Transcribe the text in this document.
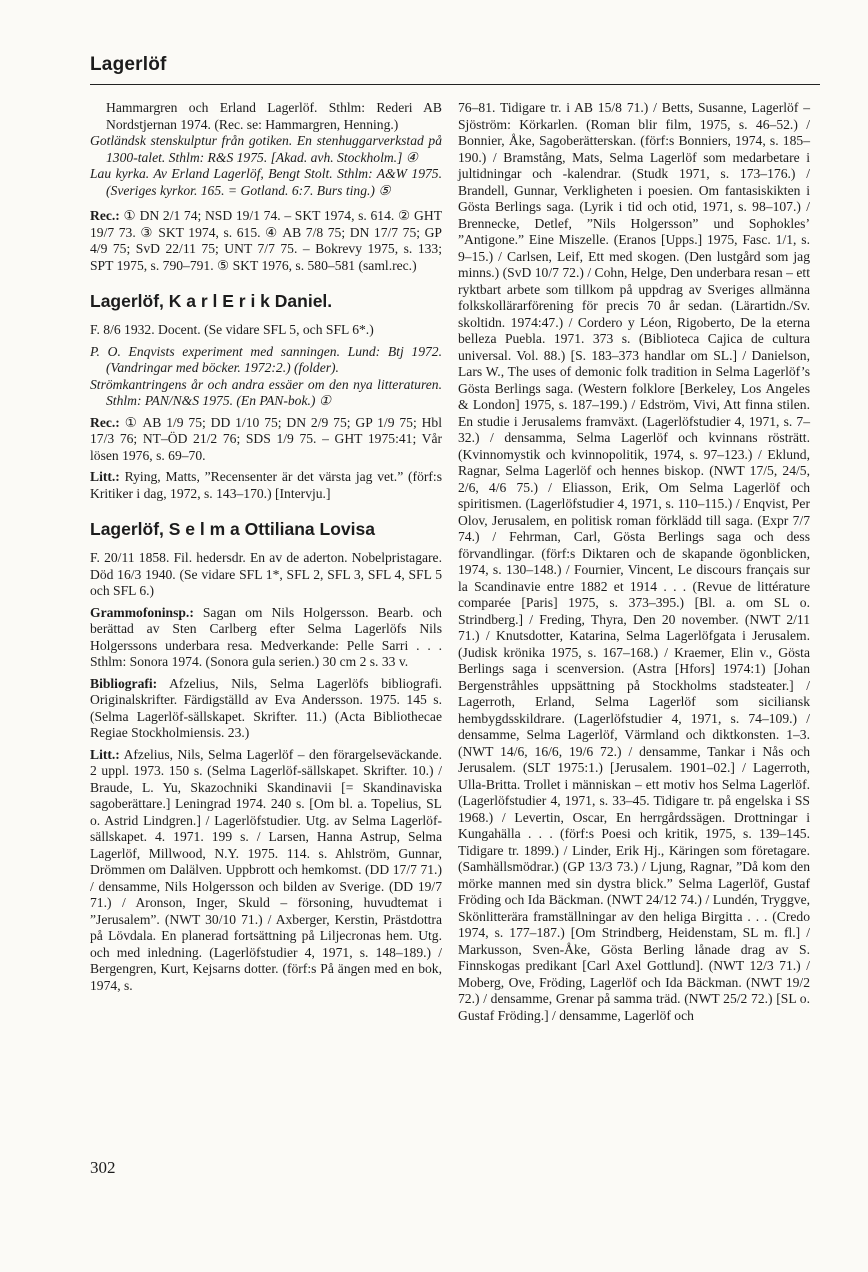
Lagerlöf

Hammargren och Erland Lagerlöf. Sthlm: Rederi AB Nordstjernan 1974. (Rec. se: Hammargren, Henning.)

Gotländsk stenskulptur från gotiken. En stenhuggarverkstad på 1300-talet. Sthlm: R&S 1975. [Akad. avh. Stockholm.] ④

Lau kyrka. Av Erland Lagerlöf, Bengt Stolt. Sthlm: A&W 1975. (Sveriges kyrkor. 165. = Gotland. 6:7. Burs ting.) ⑤

Rec.: ① DN 2/1 74; NSD 19/1 74. – SKT 1974, s. 614. ② GHT 19/7 73. ③ SKT 1974, s. 615. ④ AB 7/8 75; DN 17/7 75; GP 4/9 75; SvD 22/11 75; UNT 7/7 75. – Bokrevy 1975, s. 133; SPT 1975, s. 790–791. ⑤ SKT 1976, s. 580–581 (saml.rec.)

Lagerlöf, K a r l E r i k Daniel.

F. 8/6 1932. Docent. (Se vidare SFL 5, och SFL 6*.)

P. O. Enqvists experiment med sanningen. Lund: Btj 1972. (Vandringar med böcker. 1972:2.) (folder).

Strömkantringens år och andra essäer om den nya litteraturen. Sthlm: PAN/N&S 1975. (En PAN-bok.) ①

Rec.: ① AB 1/9 75; DD 1/10 75; DN 2/9 75; GP 1/9 75; Hbl 17/3 76; NT–ÖD 21/2 76; SDS 1/9 75. – GHT 1975:41; Vår lösen 1976, s. 69–70.

Litt.: Rying, Matts, ”Recensenter är det värsta jag vet.” (förf:s Kritiker i dag, 1972, s. 143–170.) [Intervju.]

Lagerlöf, S e l m a Ottiliana Lovisa

F. 20/11 1858. Fil. hedersdr. En av de aderton. Nobelpristagare. Död 16/3 1940. (Se vidare SFL 1*, SFL 2, SFL 3, SFL 4, SFL 5 och SFL 6.)

Grammofoninsp.: Sagan om Nils Holgersson. Bearb. och berättad av Sten Carlberg efter Selma Lagerlöfs Nils Holgerssons underbara resa. Medverkande: Pelle Sarri . . . Sthlm: Sonora 1974. (Sonora gula serien.) 30 cm 2 s. 33 v.

Bibliografi: Afzelius, Nils, Selma Lagerlöfs bibliografi. Originalskrifter. Färdigställd av Eva Andersson. 1975. 145 s. (Selma Lagerlöf-sällskapet. Skrifter. 11.) (Acta Bibliothecae Regiae Stockholmiensis. 23.)

Litt.: Afzelius, Nils, Selma Lagerlöf – den förargelseväckande. 2 uppl. 1973. 150 s. (Selma Lagerlöf-sällskapet. Skrifter. 10.) / Braude, L. Yu, Skazochniki Skandinavii [= Skandinaviska sagoberättare.] Leningrad 1974. 240 s. [Om bl. a. Topelius, SL o. Astrid Lindgren.] / Lagerlöfstudier. Utg. av Selma Lagerlöf-sällskapet. 4. 1971. 199 s. / Larsen, Hanna Astrup, Selma Lagerlöf, Millwood, N.Y. 1975. 114. s. Ahlström, Gunnar, Drömmen om Dalälven. Uppbrott och hemkomst. (DD 17/7 71.) / densamme, Nils Holgersson och bilden av Sverige. (DD 19/7 71.) / Aronson, Inger, Skuld – försoning, huvudtemat i ”Jerusalem”. (NWT 30/10 71.) / Axberger, Kerstin, Prästdottra på Lövdala. En planerad fortsättning på Liljecronas hem. Utg. och med inledning. (Lagerlöfstudier 4, 1971, s. 148–189.) / Bergengren, Kurt, Kejsarns dotter. (förf:s På ängen med en bok, 1974, s.

76–81. Tidigare tr. i AB 15/8 71.) / Betts, Susanne, Lagerlöf – Sjöström: Körkarlen. (Roman blir film, 1975, s. 46–52.) / Bonnier, Åke, Sagoberätterskan. (förf:s Bonniers, 1974, s. 185–190.) / Bramstång, Mats, Selma Lagerlöf som medarbetare i jultidningar och -kalendrar. (Studk 1971, s. 173–176.) / Brandell, Gunnar, Verkligheten i poesien. Om fantasiskikten i Gösta Berlings saga. (Lyrik i tid och otid, 1971, s. 98–107.) / Brennecke, Detlef, ”Nils Holgersson” und Sophokles’ ”Antigone.” Eine Miszelle. (Eranos [Upps.] 1975, Fasc. 1/1, s. 9–15.) / Carlsen, Leif, Ett med skogen. (Den lustgård som jag minns.) (SvD 10/7 72.) / Cohn, Helge, Den underbara resan – ett ryktbart arbete som tillkom på uppdrag av Sveriges allmänna folkskollärarförening för precis 70 år sedan. (Lärartidn./Sv. skoltidn. 1974:47.) / Cordero y Léon, Rigoberto, De la eterna belleza Puebla. 1971. 373 s. (Biblioteca Cajica de cultura universal. Vol. 88.) [S. 183–373 handlar om SL.] / Danielson, Lars W., The uses of demonic folk tradition in Selma Lagerlöf’s Gösta Berlings saga. (Western folklore [Berkeley, Los Angeles & London] 1975, s. 187–199.) / Edström, Vivi, Att finna stilen. En studie i Jerusalems framväxt. (Lagerlöfstudier 4, 1971, s. 7–32.) / densamma, Selma Lagerlöf och kvinnans rösträtt. (Kvinnomystik och kvinnopolitik, 1974, s. 97–123.) / Eklund, Ragnar, Selma Lagerlöf och hennes biskop. (NWT 17/5, 24/5, 2/6, 4/6 75.) / Eliasson, Erik, Om Selma Lagerlöf och spiritismen. (Lagerlöfstudier 4, 1971, s. 110–115.) / Enqvist, Per Olov, Jerusalem, en politisk roman förklädd till saga. (Expr 7/7 74.) / Fehrman, Carl, Gösta Berlings saga och dess förvandlingar. (förf:s Diktaren och de skapande ögonblicken, 1974, s. 130–148.) / Fournier, Vincent, Le discours français sur la Scandinavie entre 1882 et 1914 . . . (Revue de littérature comparée [Paris] 1975, s. 373–395.) [Bl. a. om SL o. Strindberg.] / Freding, Thyra, Den 20 november. (NWT 2/11 71.) / Knutsdotter, Katarina, Selma Lagerlöfgata i Jerusalem. (Judisk krönika 1975, s. 167–168.) / Kraemer, Elin v., Gösta Berlings saga i scenversion. (Astra [Hfors] 1974:1) [Johan Bergenstråhles uppsättning på Stockholms stadsteater.] / Lagerroth, Erland, Selma Lagerlöf som siciliansk hembygdsskildrare. (Lagerlöfstudier 4, 1971, s. 74–109.) / densamme, Selma Lagerlöf, Värmland och diktkonsten. 1–3. (NWT 14/6, 16/6, 19/6 72.) / densamme, Tankar i Nås och Jerusalem. (SLT 1975:1.) [Jerusalem. 1901–02.] / Lagerroth, Ulla-Britta. Trollet i människan – ett motiv hos Selma Lagerlöf. (Lagerlöfstudier 4, 1971, s. 33–45. Tidigare tr. på engelska i SS 1968.) / Levertin, Oscar, En herrgårdssägen. Drottningar i Kungahälla . . . (förf:s Poesi och kritik, 1975, s. 139–145. Tidigare tr. 1899.) / Linder, Erik Hj., Käringen som företagare. (Samhällsmödrar.) (GP 13/3 73.) / Ljung, Ragnar, ”Då kom den mörke mannen med sin dystra blick.” Selma Lagerlöf, Gustaf Fröding och Ida Bäckman. (NWT 24/12 74.) / Lundén, Tryggve, Skönlitterära framställningar av den heliga Birgitta . . . (Credo 1974, s. 177–187.) [Om Strindberg, Heidenstam, SL m. fl.] / Markusson, Sven-Åke, Gösta Berling lånade drag av S. Finnskogas predikant [Carl Axel Gottlund]. (NWT 12/3 71.) / Moberg, Ove, Fröding, Lagerlöf och Ida Bäckman. (NWT 19/2 72.) / densamme, Grenar på samma träd. (NWT 25/2 72.) [SL o. Gustaf Fröding.] / densamme, Lagerlöf och

302
